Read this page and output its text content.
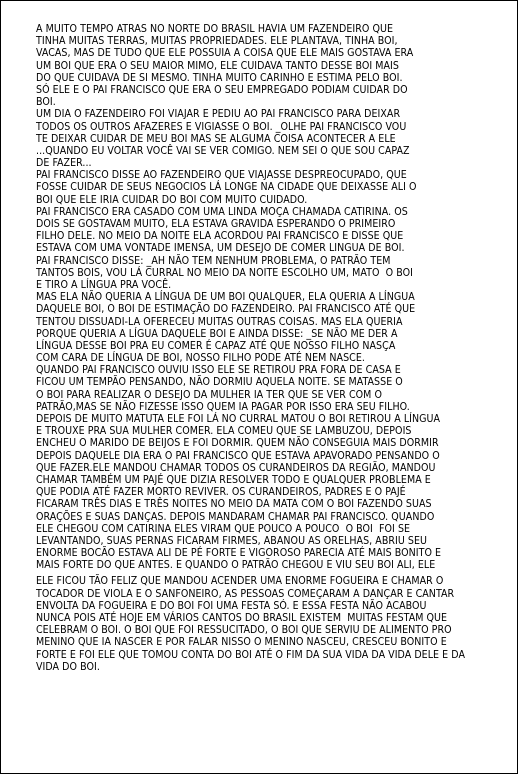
A MUITO TEMPO ATRAS NO NORTE DO BRASIL HAVIA UM FAZENDEIRO QUE
TINHA MUITAS TERRAS, MUITAS PROPRIEDADES. ELE PLANTAVA, TINHA BOI,
VACAS, MAS DE TUDO QUE ELE POSSUIA A COISA QUE ELE MAIS GOSTAVA ERA
UM BOI QUE ERA O SEU MAIOR MIMO, ELE CUIDAVA TANTO DESSE BOI MAIS
DO QUE CUIDAVA DE SI MESMO. TINHA MUITO CARINHO E ESTIMA PELO BOI.
SÓ ELE E O PAI FRANCISCO QUE ERA O SEU EMPREGADO PODIAM CUIDAR DO
BOI.
UM DIA O FAZENDEIRO FOI VIAJAR E PEDIU AO PAI FRANCISCO PARA DEIXAR
TODOS OS OUTROS AFAZERES E VIGIASSE O BOI. _OLHE PAI FRANCISCO VOU
TE DEIXAR CUIDAR DE MEU BOI MAS SE ALGUMA COISA ACONTECER A ELE
...QUANDO EU VOLTAR VOCÊ VAI SE VER COMIGO. NEM SEI O QUE SOU CAPAZ
DE FAZER...
PAI FRANCISCO DISSE AO FAZENDEIRO QUE VIAJASSE DESPREOCUPADO, QUE
FOSSE CUIDAR DE SEUS NEGOCIOS LÁ LONGE NA CIDADE QUE DEIXASSE ALI O
BOI QUE ELE IRIA CUIDAR DO BOI COM MUITO CUIDADO.
PAI FRANCISCO ERA CASADO COM UMA LINDA MOÇA CHAMADA CATIRINA. OS
DOIS SE GOSTAVAM MUITO, ELA ESTAVA GRAVIDA ESPERANDO O PRIMEIRO
FILHO DELE. NO MEIO DA NOITE ELA ACORDOU PAI FRANCISCO E DISSE QUE
ESTAVA COM UMA VONTADE IMENSA, UM DESEJO DE COMER LINGUA DE BOI.
PAI FRANCISCO DISSE: _AH NÃO TEM NENHUM PROBLEMA, O PATRÃO TEM
TANTOS BOIS, VOU LÁ CURRAL NO MEIO DA NOITE ESCOLHO UM, MATO  O BOI
E TIRO A LÍNGUA PRA VOCÊ.
MAS ELA NÃO QUERIA A LÍNGUA DE UM BOI QUALQUER, ELA QUERIA A LÍNGUA
DAQUELE BOI, O BOI DE ESTIMAÇÃO DO FAZENDEIRO. PAI FRANCISCO ATÉ QUE
TENTOU DISSUADI-LA OFERECEU MUITAS OUTRAS COISAS. MAS ELA QUERIA
PORQUE QUERIA A LÍGUA DAQUELE BOI E AINDA DISSE: _SE NÃO ME DER A
LÍNGUA DESSE BOI PRA EU COMER É CAPAZ ATÉ QUE NOSSO FILHO NASÇA
COM CARA DE LÍNGUA DE BOI, NOSSO FILHO PODE ATÉ NEM NASCE.
QUANDO PAI FRANCISCO OUVIU ISSO ELE SE RETIROU PRA FORA DE CASA E
FICOU UM TEMPÃO PENSANDO, NÃO DORMIU AQUELA NOITE. SE MATASSE O
O BOI PARA REALIZAR O DESEJO DA MULHER IA TER QUE SE VER COM O
PATRÃO,MAS SE NÃO FIZESSE ISSO QUEM IA PAGAR POR ISSO ERA SEU FILHO.
DEPOIS DE MUITO MATUTA ELE FOI LÁ NO CURRAL MATOU O BOI RETIROU A LÍNGUA
E TROUXE PRA SUA MULHER COMER. ELA COMEU QUE SE LAMBUZOU, DEPOIS
ENCHEU O MARIDO DE BEIJOS E FOI DORMIR. QUEM NÃO CONSEGUIA MAIS DORMIR
DEPOIS DAQUELE DIA ERA O PAI FRANCISCO QUE ESTAVA APAVORADO PENSANDO O
QUE FAZER.ELE MANDOU CHAMAR TODOS OS CURANDEIROS DA REGIÃO, MANDOU
CHAMAR TAMBÉM UM PAJÉ QUE DIZIA RESOLVER TODO E QUALQUER PROBLEMA E
QUE PODIA ATÉ FAZER MORTO REVIVER. OS CURANDEIROS, PADRES E O PAJÉ
FICARAM TRÊS DIAS E TRÊS NOITES NO MEIO DA MATA COM O BOI FAZENDO SUAS
ORAÇÕES E SUAS DANÇAS. DEPOIS MANDARAM CHAMAR PAI FRANCISCO. QUANDO
ELE CHEGOU COM CATIRINA ELES VIRAM QUE POUCO A POUCO  O BOI  FOI SE
LEVANTANDO, SUAS PERNAS FICARAM FIRMES, ABANOU AS ORELHAS, ABRIU SEU
ENORME BOCÃO ESTAVA ALI DE PÉ FORTE E VIGOROSO PARECIA ATÉ MAIS BONITO E
MAIS FORTE DO QUE ANTES. E QUANDO O PATRÃO CHEGOU E VIU SEU BOI ALI, ELE
ELE FICOU TÃO FELIZ QUE MANDOU ACENDER UMA ENORME FOGUEIRA E CHAMAR O
TOCADOR DE VIOLA E O SANFONEIRO, AS PESSOAS COMEÇARAM A DANÇAR E CANTAR
ENVOLTA DA FOGUEIRA E DO BOI FOI UMA FESTA SÓ. E ESSA FESTA NÃO ACABOU
NUNCA POIS ATÉ HOJE EM VÁRIOS CANTOS DO BRASIL EXISTEM  MUITAS FESTAM QUE
CELEBRAM O BOI. O BOI QUE FOI RESSUCITADO, O BOI QUE SERVIU DE ALIMENTO PRO
MENINO QUE IA NASCER E POR FALAR NISSO O MENINO NASCEU, CRESCEU BONITO E
FORTE E FOI ELE QUE TOMOU CONTA DO BOI ATÉ O FIM DA SUA VIDA DA VIDA DELE E DA
VIDA DO BOI.
